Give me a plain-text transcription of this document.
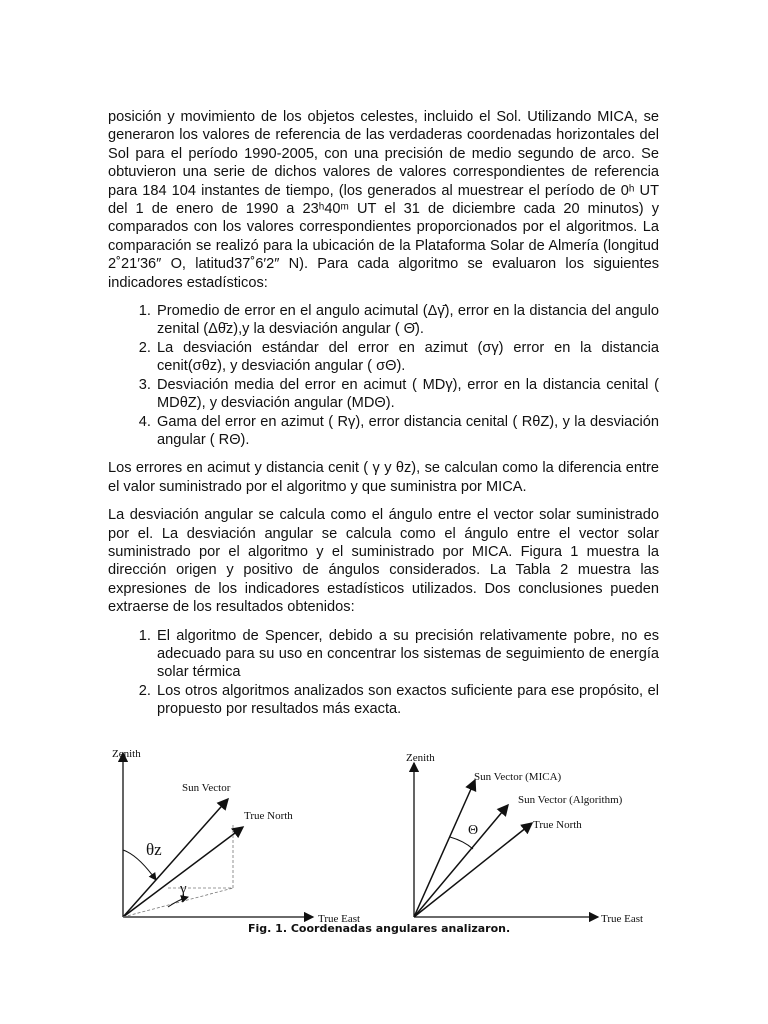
posición y movimiento de los objetos celestes, incluido el Sol. Utilizando MICA, se generaron los valores de referencia de las verdaderas coordenadas horizontales del Sol para el período 1990-2005, con una precisión de medio segundo de arco. Se obtuvieron una serie de dichos valores de valores correspondientes de referencia para 184 104 instantes de tiempo, (los generados al muestrear el período de 0ʰ UT del 1 de enero de 1990 a 23ʰ40ᵐ UT el 31 de diciembre cada 20 minutos) y comparados con los valores correspondientes proporcionados por el algoritmos. La comparación se realizó para la ubicación de la Plataforma Solar de Almería (longitud 2˚21′36″ O, latitud37˚6′2″ N). Para cada algoritmo se evaluaron los siguientes indicadores estadísticos:

1. Promedio de error en el angulo acimutal (Δγ̄), error en la distancia del angulo zenital (Δθ̄z),y la desviación angular ( Θ̄).
2. La desviación estándar del error en azimut (σγ) error en la distancia cenit(σθz), y desviación angular ( σΘ).
3. Desviación media del error en acimut ( MDγ), error en la distancia cenital ( MDθZ), y desviación angular (MDΘ).
4. Gama del error en azimut ( Rγ), error distancia cenital ( RθZ), y la desviación angular ( RΘ).

Los errores en acimut y distancia cenit ( γ y θz), se calculan como la diferencia entre el valor suministrado por el algoritmo y que suministra por MICA.

La desviación angular se calcula como el ángulo entre el vector solar suministrado por el. La desviación angular se calcula como el ángulo entre el vector solar suministrado por el algoritmo y el suministrado por MICA. Figura 1 muestra la dirección origen y positivo de ángulos considerados. La Tabla 2 muestra las expresiones de los indicadores estadísticos utilizados. Dos conclusiones pueden extraerse de los resultados obtenidos:

1. El algoritmo de Spencer, debido a su precisión relativamente pobre, no es adecuado para su uso en concentrar los sistemas de seguimiento de energía solar térmica
2. Los otros algoritmos analizados son exactos suficiente para ese propósito, el propuesto por resultados más exacta.
Zenith
Sun Vector
True North
True East
θz
γ
Zenith
Sun Vector (MICA)
Sun Vector (Algorithm)
True North
True East
Θ
Fig. 1. Coordenadas angulares analizaron.
